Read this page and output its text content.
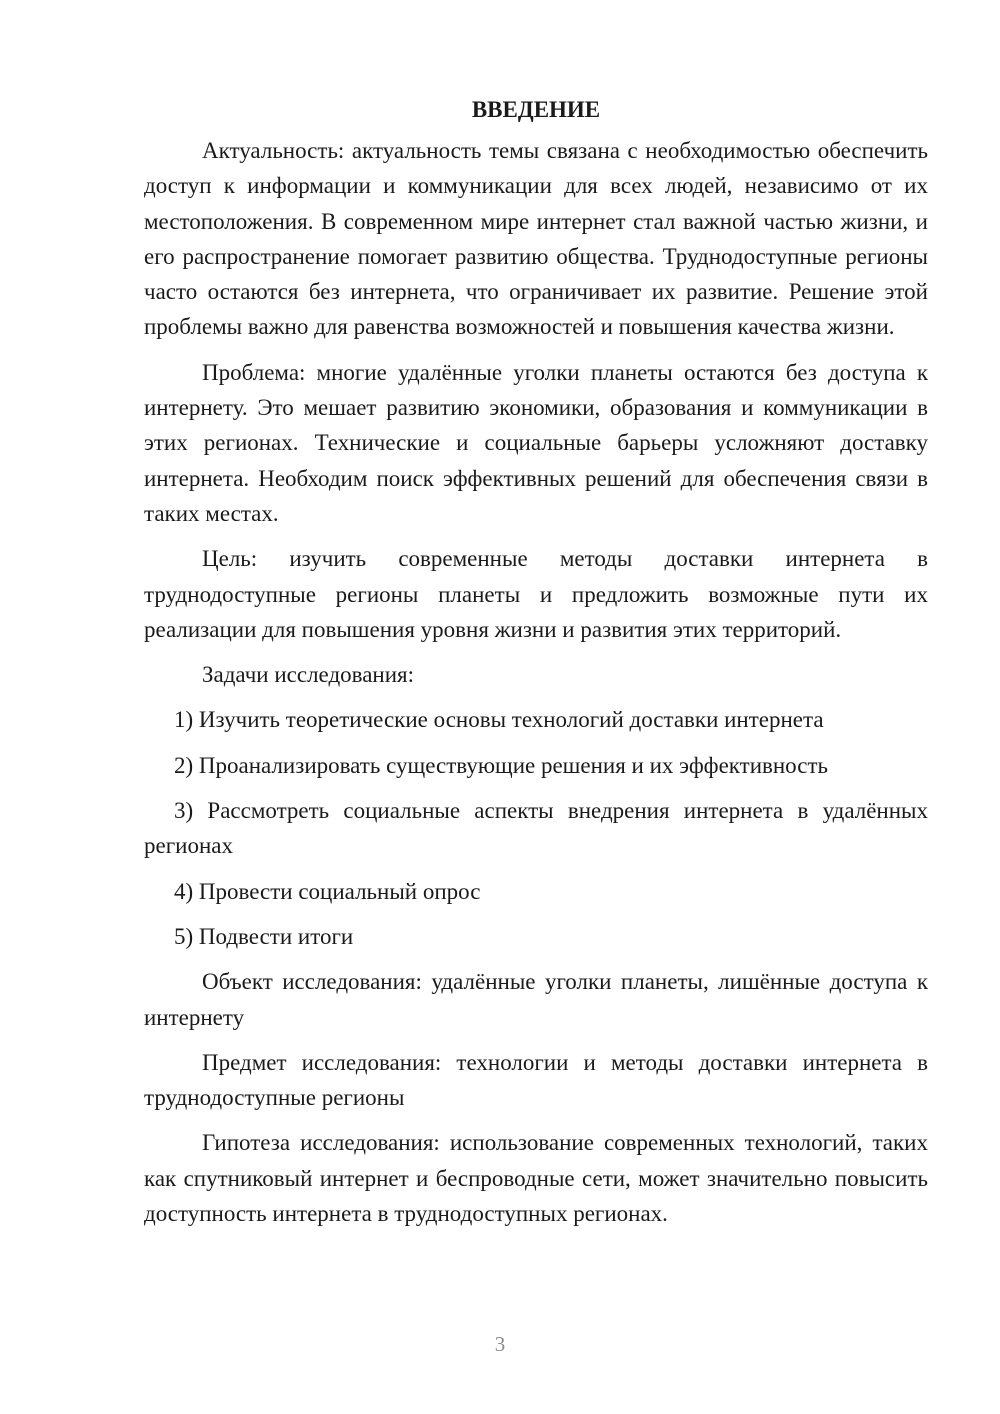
ВВЕДЕНИЕ

Актуальность: актуальность темы связана с необходимостью обеспечить доступ к информации и коммуникации для всех людей, независимо от их местоположения. В современном мире интернет стал важной частью жизни, и его распространение помогает развитию общества. Труднодоступные регионы часто остаются без интернета, что ограничивает их развитие. Решение этой проблемы важно для равенства возможностей и повышения качества жизни.

Проблема: многие удалённые уголки планеты остаются без доступа к интернету. Это мешает развитию экономики, образования и коммуникации в этих регионах. Технические и социальные барьеры усложняют доставку интернета. Необходим поиск эффективных решений для обеспечения связи в таких местах.

Цель: изучить современные методы доставки интернета в труднодоступные регионы планеты и предложить возможные пути их реализации для повышения уровня жизни и развития этих территорий.

Задачи исследования:

1) Изучить теоретические основы технологий доставки интернета

2) Проанализировать существующие решения и их эффективность

3) Рассмотреть социальные аспекты внедрения интернета в удалённых регионах

4) Провести социальный опрос

5) Подвести итоги

Объект исследования: удалённые уголки планеты, лишённые доступа к интернету

Предмет исследования: технологии и методы доставки интернета в труднодоступные регионы

Гипотеза исследования: использование современных технологий, таких как спутниковый интернет и беспроводные сети, может значительно повысить доступность интернета в труднодоступных регионах.

3
